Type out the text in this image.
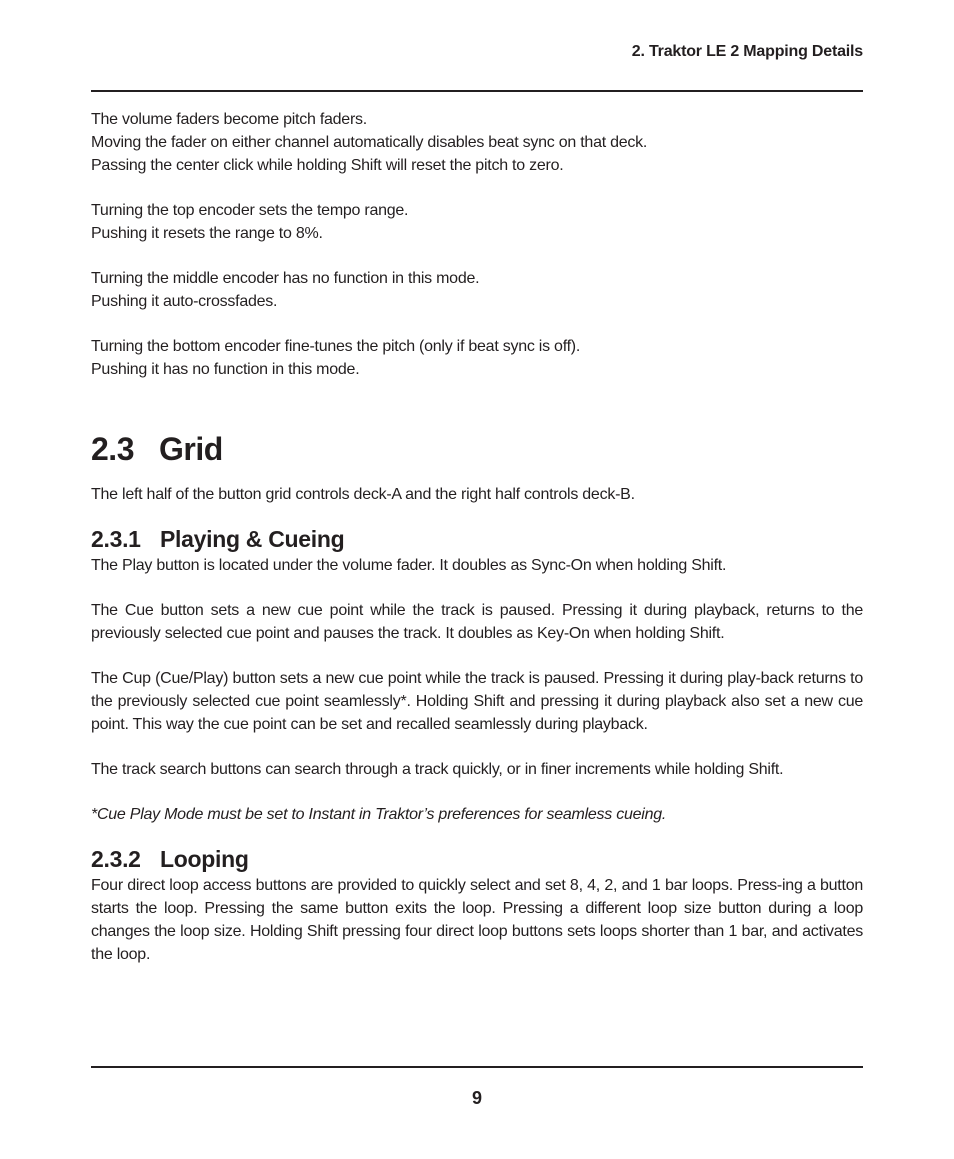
2. Traktor LE 2 Mapping Details
The volume faders become pitch faders.
Moving the fader on either channel automatically disables beat sync on that deck.
Passing the center click while holding Shift will reset the pitch to zero.
Turning the top encoder sets the tempo range.
Pushing it resets the range to 8%.
Turning the middle encoder has no function in this mode.
Pushing it auto-crossfades.
Turning the bottom encoder fine-tunes the pitch (only if beat sync is off).
Pushing it has no function in this mode.
2.3 Grid

The left half of the button grid controls deck-A and the right half controls deck-B.

2.3.1 Playing & Cueing

The Play button is located under the volume fader. It doubles as Sync-On when holding Shift.

The Cue button sets a new cue point while the track is paused. Pressing it during playback, returns to the previously selected cue point and pauses the track. It doubles as Key-On when holding Shift.

The Cup (Cue/Play) button sets a new cue point while the track is paused. Pressing it during play-back returns to the previously selected cue point seamlessly*. Holding Shift and pressing it during playback also set a new cue point. This way the cue point can be set and recalled seamlessly during playback.

The track search buttons can search through a track quickly, or in finer increments while holding Shift.

*Cue Play Mode must be set to Instant in Traktor’s preferences for seamless cueing.

2.3.2 Looping

Four direct loop access buttons are provided to quickly select and set 8, 4, 2, and 1 bar loops. Press-ing a button starts the loop. Pressing the same button exits the loop. Pressing a different loop size button during a loop changes the loop size. Holding Shift pressing four direct loop buttons sets loops shorter than 1 bar, and activates the loop.

9
